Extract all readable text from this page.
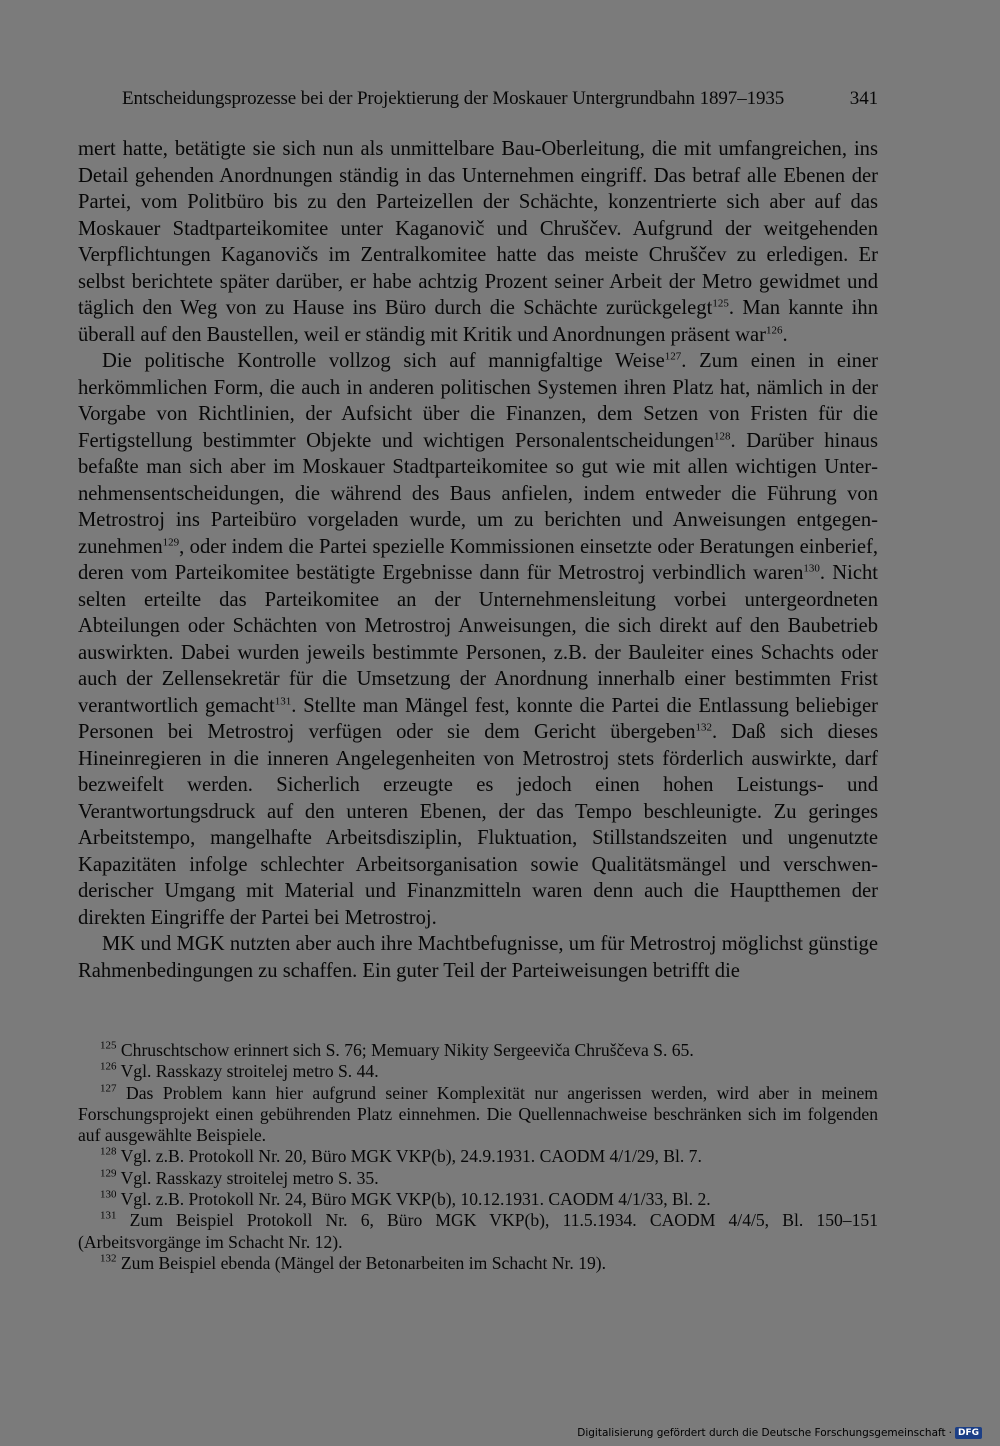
Entscheidungsprozesse bei der Projektierung der Moskauer Untergrundbahn 1897–1935	341

mert hatte, betätigte sie sich nun als unmittelbare Bau-Oberleitung, die mit umfangreichen, ins Detail gehenden Anordnungen ständig in das Unternehmen eingriff. Das betraf alle Ebenen der Partei, vom Politbüro bis zu den Parteizellen der Schächte, konzentrierte sich aber auf das Moskauer Stadtparteikomitee unter Kaganovič und Chruščev. Aufgrund der weitgehenden Verpflichtungen Kaganovičs im Zentralkomitee hatte das meiste Chruščev zu erledigen. Er selbst berichtete später darüber, er habe achtzig Prozent seiner Arbeit der Metro gewidmet und täglich den Weg von zu Hause ins Büro durch die Schächte zurückgelegt$^{125}$. Man kannte ihn überall auf den Baustellen, weil er ständig mit Kritik und Anordnungen präsent war$^{126}$.

Die politische Kontrolle vollzog sich auf mannigfaltige Weise$^{127}$. Zum einen in einer herkömmlichen Form, die auch in anderen politischen Systemen ihren Platz hat, nämlich in der Vorgabe von Richtlinien, der Aufsicht über die Finanzen, dem Setzen von Fristen für die Fertigstellung bestimmter Objekte und wichtigen Personalentscheidungen$^{128}$. Darüber hinaus befaßte man sich aber im Moskauer Stadtparteikomitee so gut wie mit allen wichtigen Unternehmensentscheidungen, die während des Baus anfielen, indem entweder die Führung von Metrostroj ins Parteibüro vorgeladen wurde, um zu berichten und Anweisungen entgegenzunehmen$^{129}$, oder indem die Partei spezielle Kommissionen einsetzte oder Beratungen einberief, deren vom Parteikomitee bestätigte Ergebnisse dann für Metrostroj verbindlich waren$^{130}$. Nicht selten erteilte das Parteikomitee an der Unternehmensleitung vorbei untergeordneten Abteilungen oder Schächten von Metrostroj Anweisungen, die sich direkt auf den Baubetrieb auswirkten. Dabei wurden jeweils bestimmte Personen, z.B. der Bauleiter eines Schachts oder auch der Zellensekretär für die Umsetzung der Anordnung innerhalb einer bestimmten Frist verantwortlich gemacht$^{131}$. Stellte man Mängel fest, konnte die Partei die Entlassung beliebiger Personen bei Metrostroj verfügen oder sie dem Gericht übergeben$^{132}$. Daß sich dieses Hineinregieren in die inneren Angelegenheiten von Metrostroj stets förderlich auswirkte, darf bezweifelt werden. Sicherlich erzeugte es jedoch einen hohen Leistungs- und Verantwortungsdruck auf den unteren Ebenen, der das Tempo beschleunigte. Zu geringes Arbeitstempo, mangelhafte Arbeitsdisziplin, Fluktuation, Stillstandszeiten und ungenutzte Kapazitäten infolge schlechter Arbeitsorganisation sowie Qualitätsmängel und verschwenderischer Umgang mit Material und Finanzmitteln waren denn auch die Hauptthemen der direkten Eingriffe der Partei bei Metrostroj.

MK und MGK nutzten aber auch ihre Machtbefugnisse, um für Metrostroj möglichst günstige Rahmenbedingungen zu schaffen. Ein guter Teil der Parteiweisungen betrifft die

$^{125}$ Chruschtschow erinnert sich S. 76; Memuary Nikity Sergeeviča Chruščeva S. 65.

$^{126}$ Vgl. Rasskazy stroitelej metro S. 44.

$^{127}$ Das Problem kann hier aufgrund seiner Komplexität nur angerissen werden, wird aber in meinem Forschungsprojekt einen gebührenden Platz einnehmen. Die Quellennachweise beschränken sich im folgenden auf ausgewählte Beispiele.

$^{128}$ Vgl. z.B. Protokoll Nr. 20, Büro MGK VKP(b), 24.9.1931. CAODM 4/1/29, Bl. 7.

$^{129}$ Vgl. Rasskazy stroitelej metro S. 35.

$^{130}$ Vgl. z.B. Protokoll Nr. 24, Büro MGK VKP(b), 10.12.1931. CAODM 4/1/33, Bl. 2.

$^{131}$ Zum Beispiel Protokoll Nr. 6, Büro MGK VKP(b), 11.5.1934. CAODM 4/4/5, Bl. 150–151 (Arbeitsvorgänge im Schacht Nr. 12).

$^{132}$ Zum Beispiel ebenda (Mängel der Betonarbeiten im Schacht Nr. 19).

Digitalisierung gefördert durch die Deutsche Forschungsgemeinschaft · DFG
